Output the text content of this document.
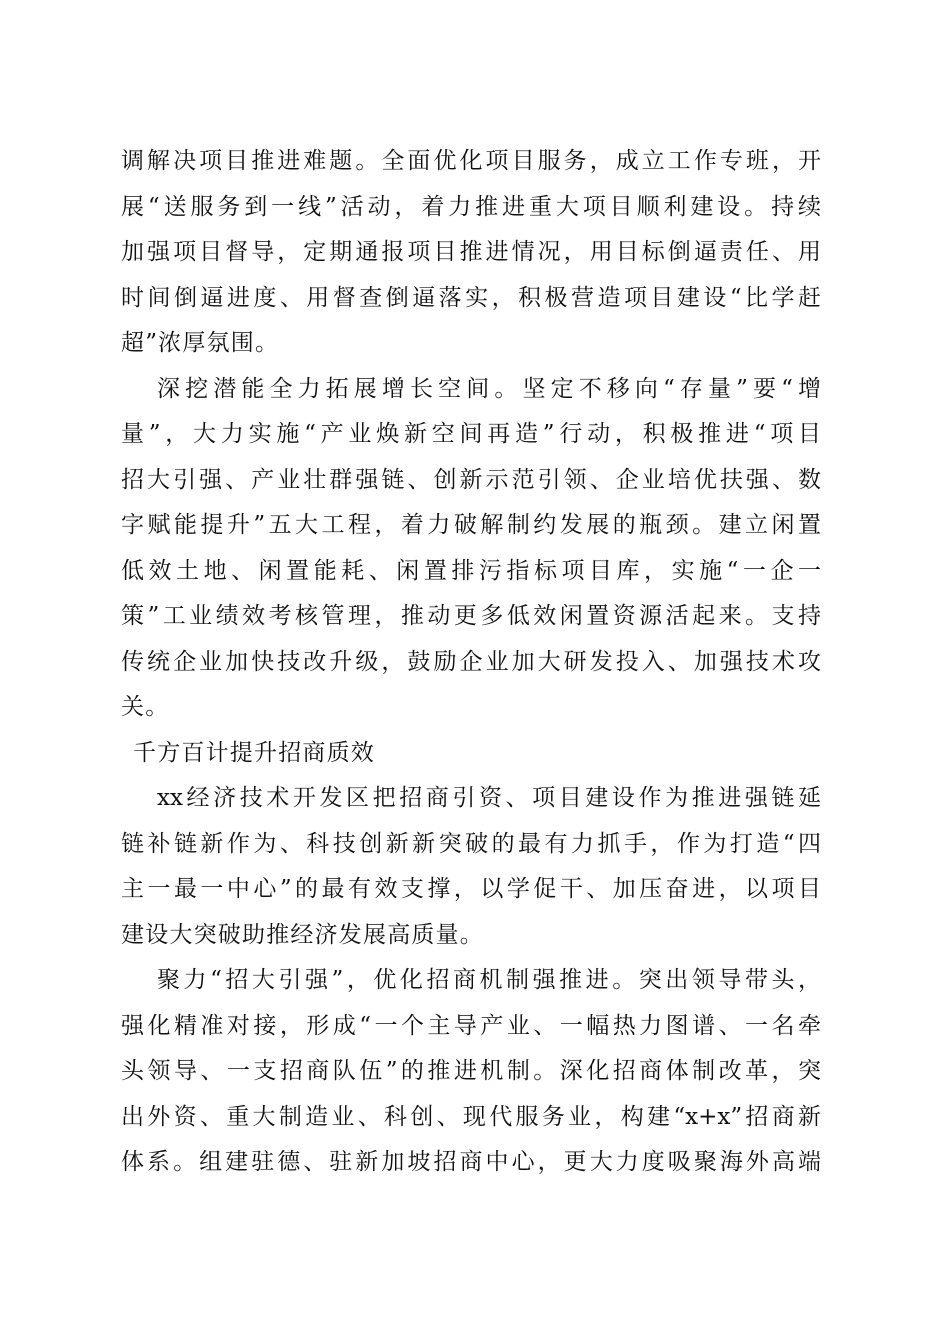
调解决项目推进难题。全面优化项目服务，成立工作专班，开
展“送服务到一线”活动，着力推进重大项目顺利建设。持续
加强项目督导，定期通报项目推进情况，用目标倒逼责任、用
时间倒逼进度、用督查倒逼落实，积极营造项目建设“比学赶
超”浓厚氛围。
深挖潜能全力拓展增长空间。坚定不移向“存量”要“增
量”，大力实施“产业焕新空间再造”行动，积极推进“项目
招大引强、产业壮群强链、创新示范引领、企业培优扶强、数
字赋能提升”五大工程，着力破解制约发展的瓶颈。建立闲置
低效土地、闲置能耗、闲置排污指标项目库，实施“一企一
策”工业绩效考核管理，推动更多低效闲置资源活起来。支持
传统企业加快技改升级，鼓励企业加大研发投入、加强技术攻
关。
千方百计提升招商质效
xx经济技术开发区把招商引资、项目建设作为推进强链延
链补链新作为、科技创新新突破的最有力抓手，作为打造“四
主一最一中心”的最有效支撑，以学促干、加压奋进，以项目
建设大突破助推经济发展高质量。
聚力“招大引强”，优化招商机制强推进。突出领导带头，
强化精准对接，形成“一个主导产业、一幅热力图谱、一名牵
头领导、一支招商队伍”的推进机制。深化招商体制改革，突
出外资、重大制造业、科创、现代服务业，构建“x+x”招商新
体系。组建驻德、驻新加坡招商中心，更大力度吸聚海外高端
